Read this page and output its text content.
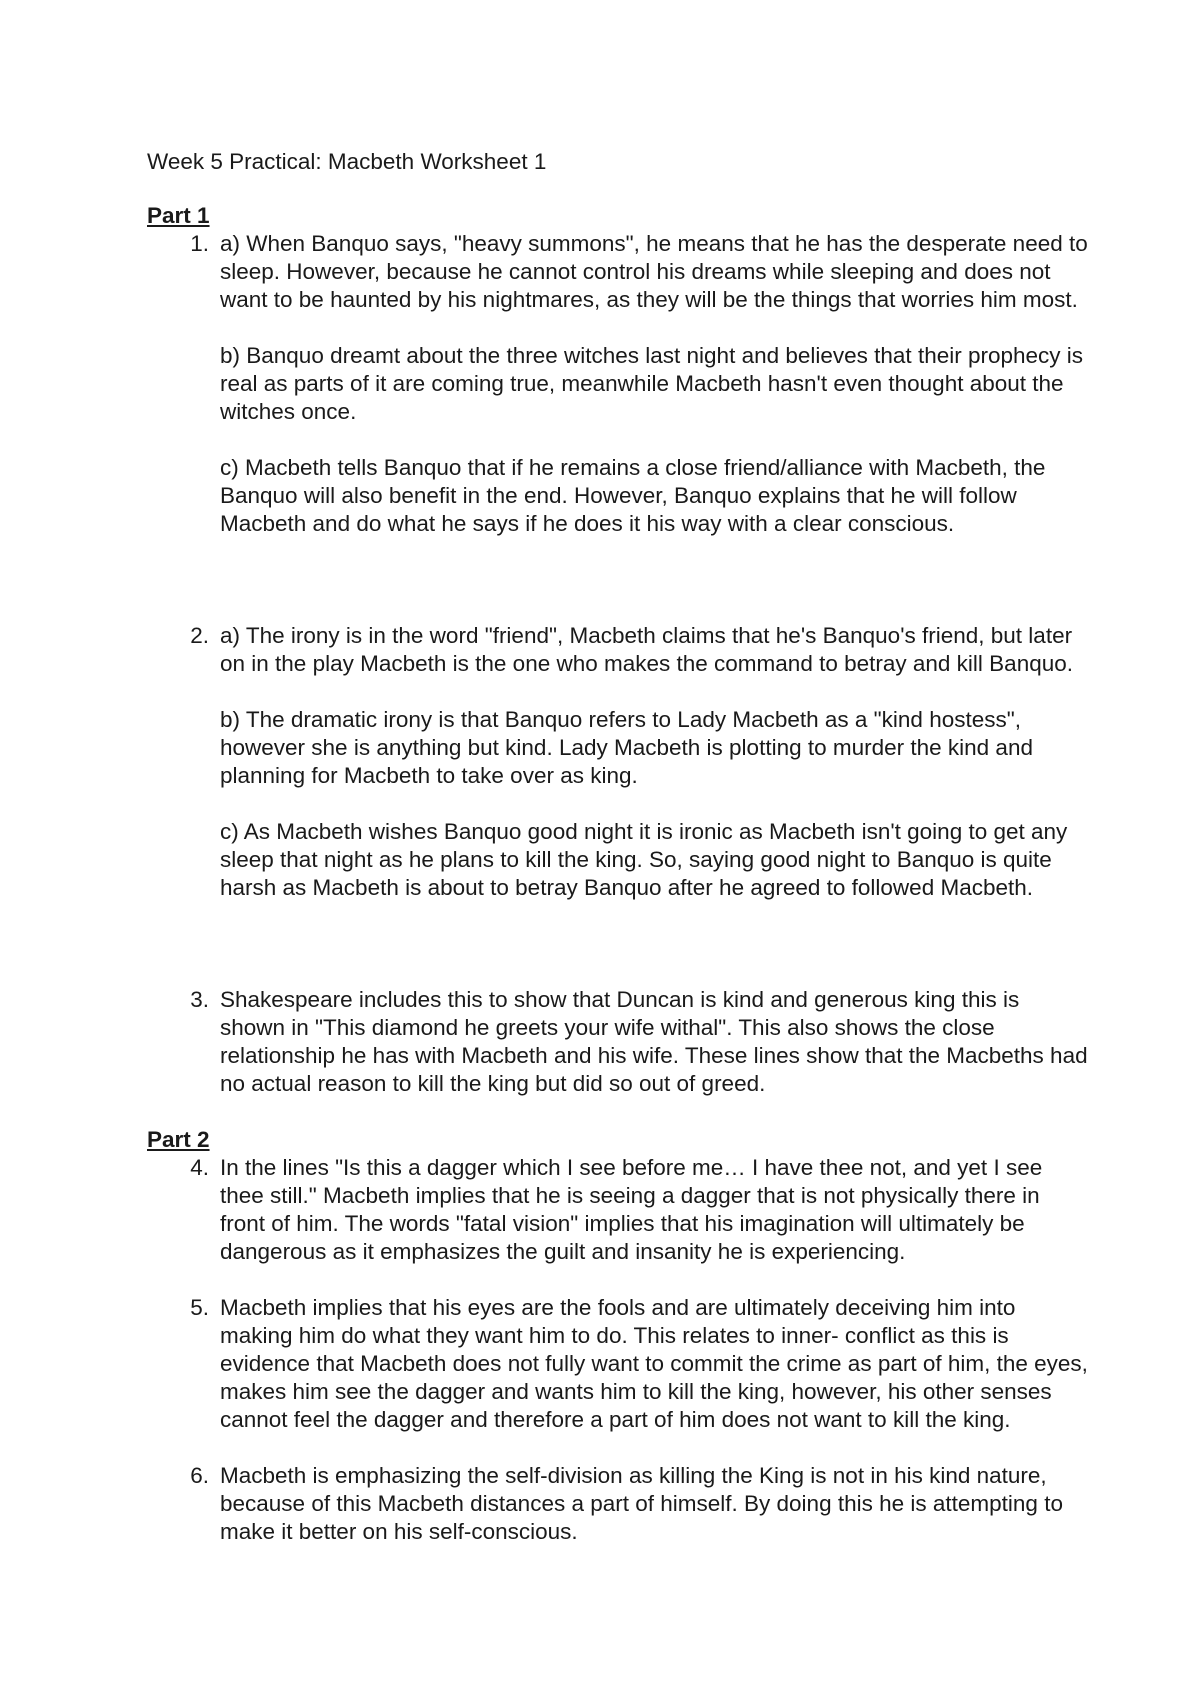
Week 5 Practical: Macbeth Worksheet 1
Part 1
1. a) When Banquo says, "heavy summons", he means that he has the desperate need to sleep. However, because he cannot control his dreams while sleeping and does not want to be haunted by his nightmares, as they will be the things that worries him most.

b) Banquo dreamt about the three witches last night and believes that their prophecy is real as parts of it are coming true, meanwhile Macbeth hasn't even thought about the witches once.

c) Macbeth tells Banquo that if he remains a close friend/alliance with Macbeth, the Banquo will also benefit in the end. However, Banquo explains that he will follow Macbeth and do what he says if he does it his way with a clear conscious.

2. a) The irony is in the word "friend", Macbeth claims that he's Banquo's friend, but later on in the play Macbeth is the one who makes the command to betray and kill Banquo.

b) The dramatic irony is that Banquo refers to Lady Macbeth as a "kind hostess", however she is anything but kind. Lady Macbeth is plotting to murder the kind and planning for Macbeth to take over as king.

c) As Macbeth wishes Banquo good night it is ironic as Macbeth isn't going to get any sleep that night as he plans to kill the king. So, saying good night to Banquo is quite harsh as Macbeth is about to betray Banquo after he agreed to followed Macbeth.

3. Shakespeare includes this to show that Duncan is kind and generous king this is shown in "This diamond he greets your wife withal". This also shows the close relationship he has with Macbeth and his wife. These lines show that the Macbeths had no actual reason to kill the king but did so out of greed.

Part 2
4. In the lines "Is this a dagger which I see before me… I have thee not, and yet I see thee still." Macbeth implies that he is seeing a dagger that is not physically there in front of him. The words "fatal vision" implies that his imagination will ultimately be dangerous as it emphasizes the guilt and insanity he is experiencing.

5. Macbeth implies that his eyes are the fools and are ultimately deceiving him into making him do what they want him to do. This relates to inner- conflict as this is evidence that Macbeth does not fully want to commit the crime as part of him, the eyes, makes him see the dagger and wants him to kill the king, however, his other senses cannot feel the dagger and therefore a part of him does not want to kill the king.

6. Macbeth is emphasizing the self-division as killing the King is not in his kind nature, because of this Macbeth distances a part of himself. By doing this he is attempting to make it better on his self-conscious.
